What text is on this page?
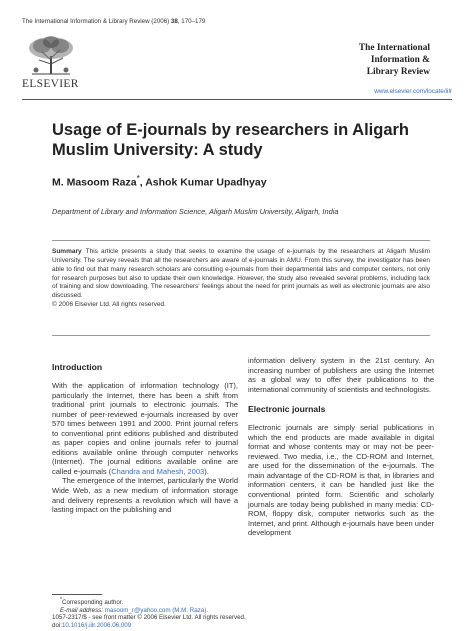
The International Information & Library Review (2006) 38, 170–179
ELSEVIER
The International
Information &
Library Review
www.elsevier.com/locate/iilr
Usage of E-journals by researchers in Aligarh Muslim University: A study
M. Masoom Raza*, Ashok Kumar Upadhyay
Department of Library and Information Science, Aligarh Muslim University, Aligarh, India
Summary This article presents a study that seeks to examine the usage of e-journals by the researchers at Aligarh Muslim University. The survey reveals that all the researchers are aware of e-journals in AMU. From this survey, the investigator has been able to find out that many research scholars are consulting e-journals from their departmental labs and computer centers, not only for research purposes but also to update their own knowledge. However, the study also revealed several problems, including lack of training and slow downloading. The researchers' feelings about the need for print journals as well as electronic journals are also discussed.
© 2006 Elsevier Ltd. All rights reserved.
Introduction

With the application of information technology (IT), particularly the Internet, there has been a shift from traditional print journals to electronic journals. The number of peer-reviewed e-journals increased by over 570 times between 1991 and 2000. Print journal refers to conventional print editions published and distributed as paper copies and online journals refer to journal editions available online through computer networks (Internet). The journal editions available online are called e-journals (Chandra and Mahesh, 2003).

The emergence of the Internet, particularly the World Wide Web, as a new medium of information storage and delivery represents a revolution which will have a lasting impact on the publishing and

information delivery system in the 21st century. An increasing number of publishers are using the Internet as a global way to offer their publications to the international community of scientists and technologists.

Electronic journals

Electronic journals are simply serial publications in which the end products are made available in digital format and whose contents may or may not be peer-reviewed. Two media, i.e., the CD-ROM and Internet, are used for the dissemination of the e-journals. The main advantage of the CD-ROM is that, in libraries and information centers, it can be handled just like the conventional printed form. Scientific and scholarly journals are today being published in many media: CD-ROM, floppy disk, computer networks such as the Internet, and print. Although e-journals have been under development

*Corresponding author.
E-mail address: masoom_r@yahoo.com (M.M. Raza).
1057-2317/$ - see front matter © 2006 Elsevier Ltd. All rights reserved.
doi:10.1016/j.iilr.2006.06.009
